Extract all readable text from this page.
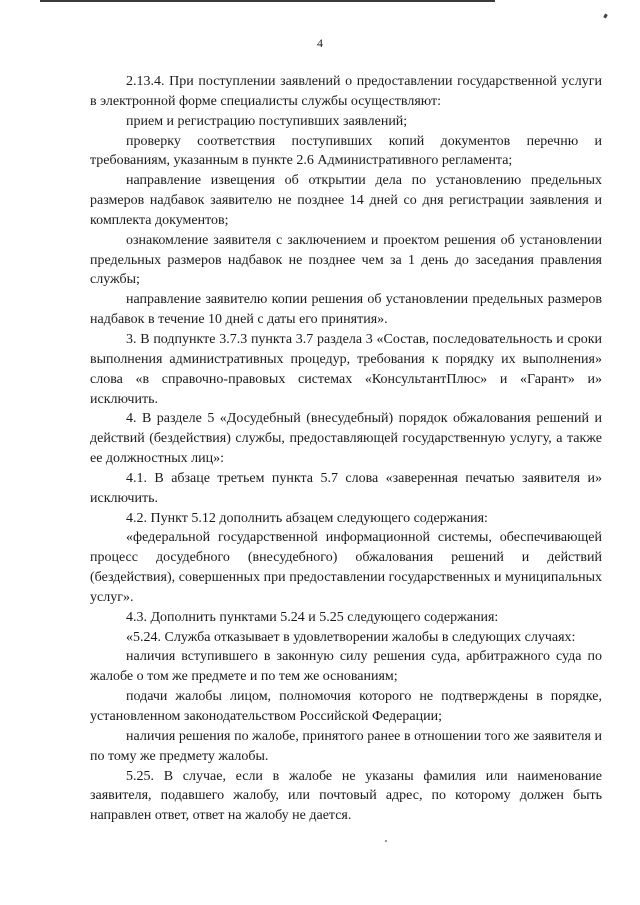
4

2.13.4. При поступлении заявлений о предоставлении государственной услуги в электронной форме специалисты службы осуществляют:

прием и регистрацию поступивших заявлений;

проверку соответствия поступивших копий документов перечню и требованиям, указанным в пункте 2.6 Административного регламента;

направление извещения об открытии дела по установлению предельных размеров надбавок заявителю не позднее 14 дней со дня регистрации заявления и комплекта документов;

ознакомление заявителя с заключением и проектом решения об установлении предельных размеров надбавок не позднее чем за 1 день до заседания правления службы;

направление заявителю копии решения об установлении предельных размеров надбавок в течение 10 дней с даты его принятия».

3. В подпункте 3.7.3 пункта 3.7 раздела 3 «Состав, последовательность и сроки выполнения административных процедур, требования к порядку их выполнения» слова «в справочно-правовых системах «КонсультантПлюс» и «Гарант» и» исключить.

4. В разделе 5 «Досудебный (внесудебный) порядок обжалования решений и действий (бездействия) службы, предоставляющей государственную услугу, а также ее должностных лиц»:

4.1. В абзаце третьем пункта 5.7 слова «заверенная печатью заявителя и» исключить.

4.2. Пункт 5.12 дополнить абзацем следующего содержания:

«федеральной государственной информационной системы, обеспечивающей процесс досудебного (внесудебного) обжалования решений и действий (бездействия), совершенных при предоставлении государственных и муниципальных услуг».

4.3. Дополнить пунктами 5.24 и 5.25 следующего содержания:

«5.24. Служба отказывает в удовлетворении жалобы в следующих случаях:

наличия вступившего в законную силу решения суда, арбитражного суда по жалобе о том же предмете и по тем же основаниям;

подачи жалобы лицом, полномочия которого не подтверждены в порядке, установленном законодательством Российской Федерации;

наличия решения по жалобе, принятого ранее в отношении того же заявителя и по тому же предмету жалобы.

5.25. В случае, если в жалобе не указаны фамилия или наименование заявителя, подавшего жалобу, или почтовый адрес, по которому должен быть направлен ответ, ответ на жалобу не дается.
